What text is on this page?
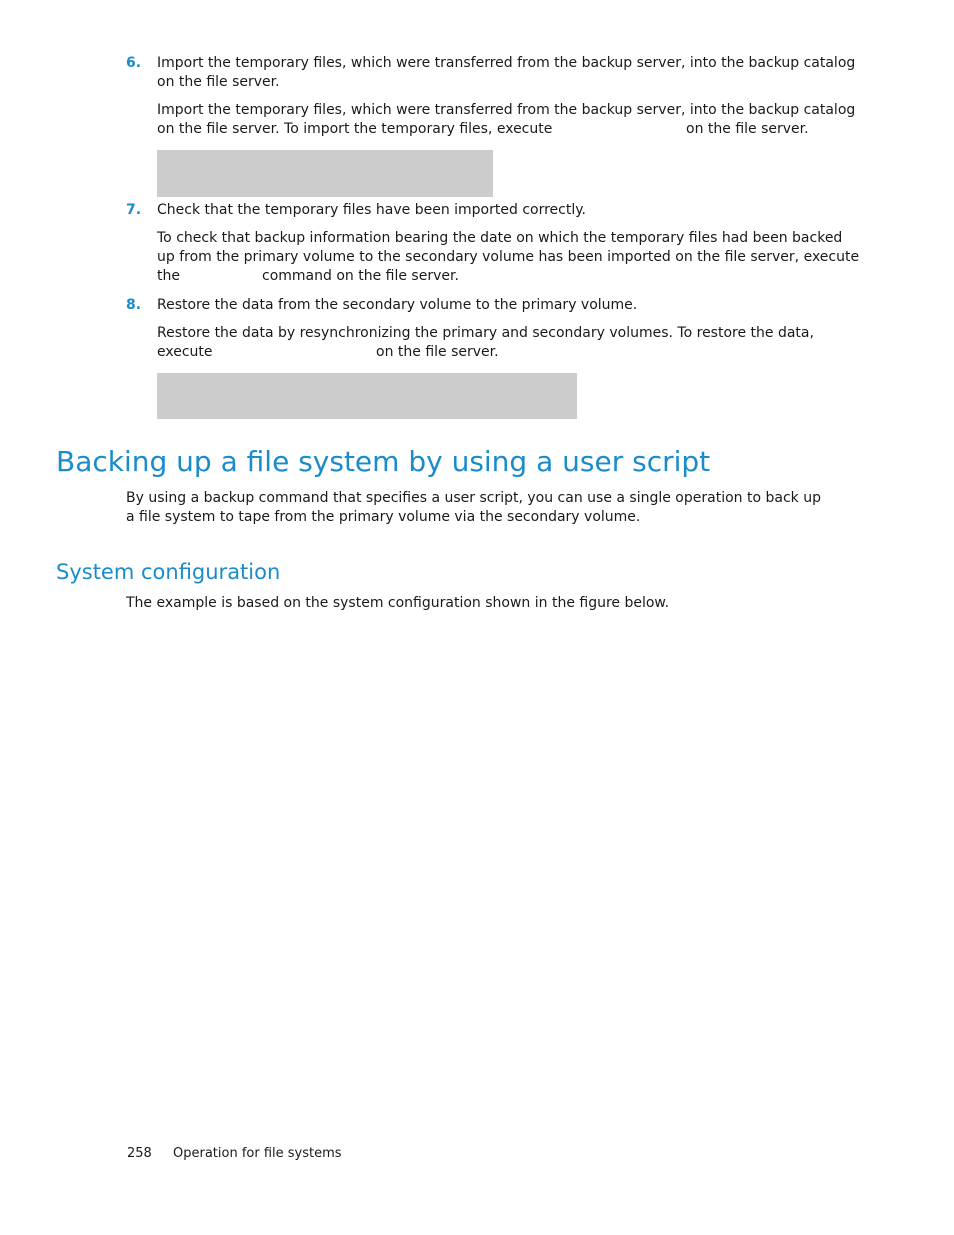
6. Import the temporary files, which were transferred from the backup server, into the backup catalog
on the file server.
Import the temporary files, which were transferred from the backup server, into the backup catalog
on the file server. To import the temporary files, execute	on the file server.
7. Check that the temporary files have been imported correctly.
To check that backup information bearing the date on which the temporary files had been backed
up from the primary volume to the secondary volume has been imported on the file server, execute
the	command on the file server.
8. Restore the data from the secondary volume to the primary volume.
Restore the data by resynchronizing the primary and secondary volumes. To restore the data,
execute	on the file server.
Backing up a file system by using a user script
By using a backup command that specifies a user script, you can use a single operation to back up
a file system to tape from the primary volume via the secondary volume.
System configuration
The example is based on the system configuration shown in the figure below.
258 Operation for file systems
